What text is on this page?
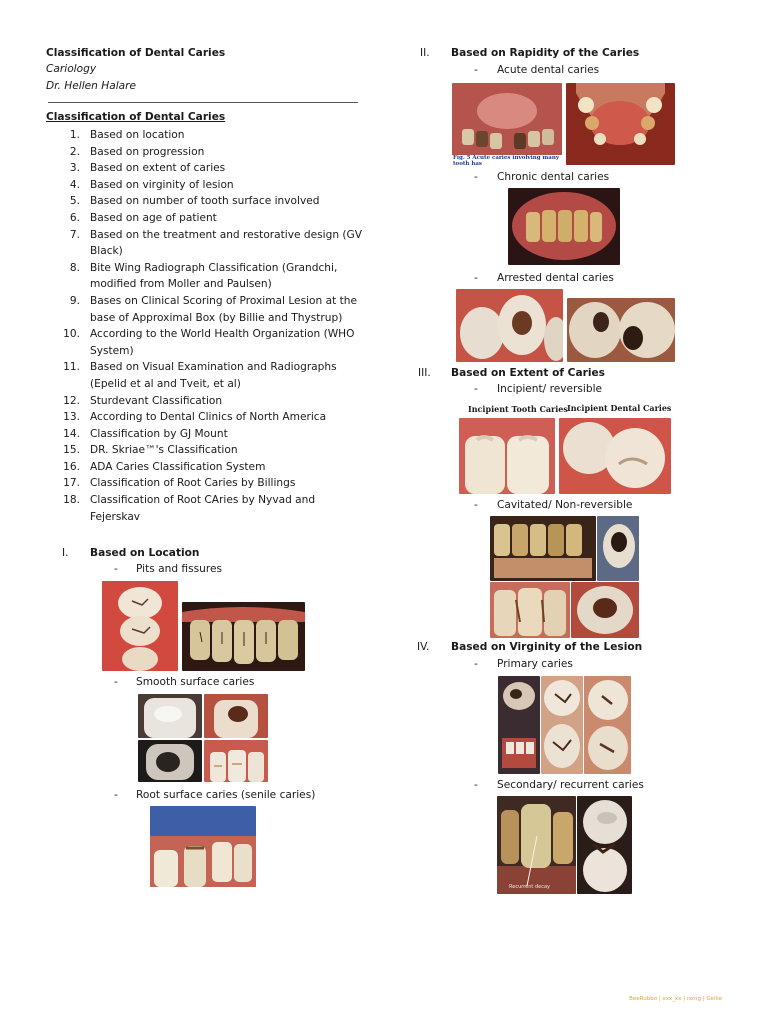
Classification of Dental Caries
Cariology
Dr. Hellen Halare
Classification of Dental Caries
1. Based on location
2. Based on progression
3. Based on extent of caries
4. Based on virginity of lesion
5. Based on number of tooth surface involved
6. Based on age of patient
7. Based on the treatment and restorative design (GV Black)
8. Bite Wing Radiograph Classification (Grandchi, modified from Moller and Paulsen)
9. Bases on Clinical Scoring of Proximal Lesion at the base of Approximal Box (by Billie and Thystrup)
10. According to the World Health Organization (WHO System)
11. Based on Visual Examination and Radiographs (Epelid et al and Tveit, et al)
12. Sturdevant Classification
13. According to Dental Clinics of North America
14. Classification by GJ Mount
15. DR. Skriae™'s Classification
16. ADA Caries Classification System
17. Classification of Root Caries by Billings
18. Classification of Root CAries by Nyvad and Fejerskav
I. Based on Location
- Pits and fissures
- Smooth surface caries
- Root surface caries (senile caries)
II. Based on Rapidity of the Caries
- Acute dental caries
Fig. 5 Acute caries involving many tooth has
- Chronic dental caries
- Arrested dental caries
III. Based on Extent of Caries
- Incipient/ reversible
Incipient Tooth Caries Incipient Dental Caries
- Cavitated/ Non-reversible
IV. Based on Virginity of the Lesion
- Primary caries
- Secondary/ recurrent caries
Recurrent decay
BeeRubbo | xxx_xx | rxmg | Gellie
